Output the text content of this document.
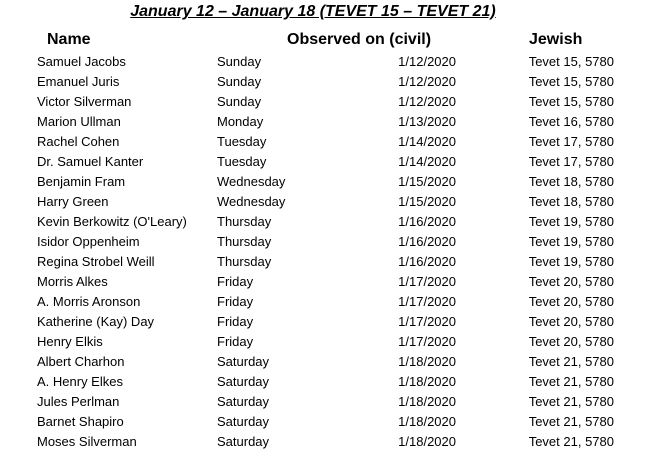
January 12 – January 18 (TEVET 15 – TEVET 21)
Name	Observed on (civil)	Jewish
Samuel Jacobs	Sunday	1/12/2020	Tevet 15, 5780
Emanuel Juris	Sunday	1/12/2020	Tevet 15, 5780
Victor Silverman	Sunday	1/12/2020	Tevet 15, 5780
Marion Ullman	Monday	1/13/2020	Tevet 16, 5780
Rachel Cohen	Tuesday	1/14/2020	Tevet 17, 5780
Dr. Samuel Kanter	Tuesday	1/14/2020	Tevet 17, 5780
Benjamin Fram	Wednesday	1/15/2020	Tevet 18, 5780
Harry Green	Wednesday	1/15/2020	Tevet 18, 5780
Kevin Berkowitz (O'Leary) Thursday	1/16/2020	Tevet 19, 5780
Isidor Oppenheim	Thursday	1/16/2020	Tevet 19, 5780
Regina Strobel Weill	Thursday	1/16/2020	Tevet 19, 5780
Morris Alkes	Friday	1/17/2020	Tevet 20, 5780
A. Morris Aronson	Friday	1/17/2020	Tevet 20, 5780
Katherine (Kay) Day	Friday	1/17/2020	Tevet 20, 5780
Henry Elkis	Friday	1/17/2020	Tevet 20, 5780
Albert Charhon	Saturday	1/18/2020	Tevet 21, 5780
A. Henry Elkes	Saturday	1/18/2020	Tevet 21, 5780
Jules Perlman	Saturday	1/18/2020	Tevet 21, 5780
Barnet Shapiro	Saturday	1/18/2020	Tevet 21, 5780
Moses Silverman	Saturday	1/18/2020	Tevet 21, 5780
